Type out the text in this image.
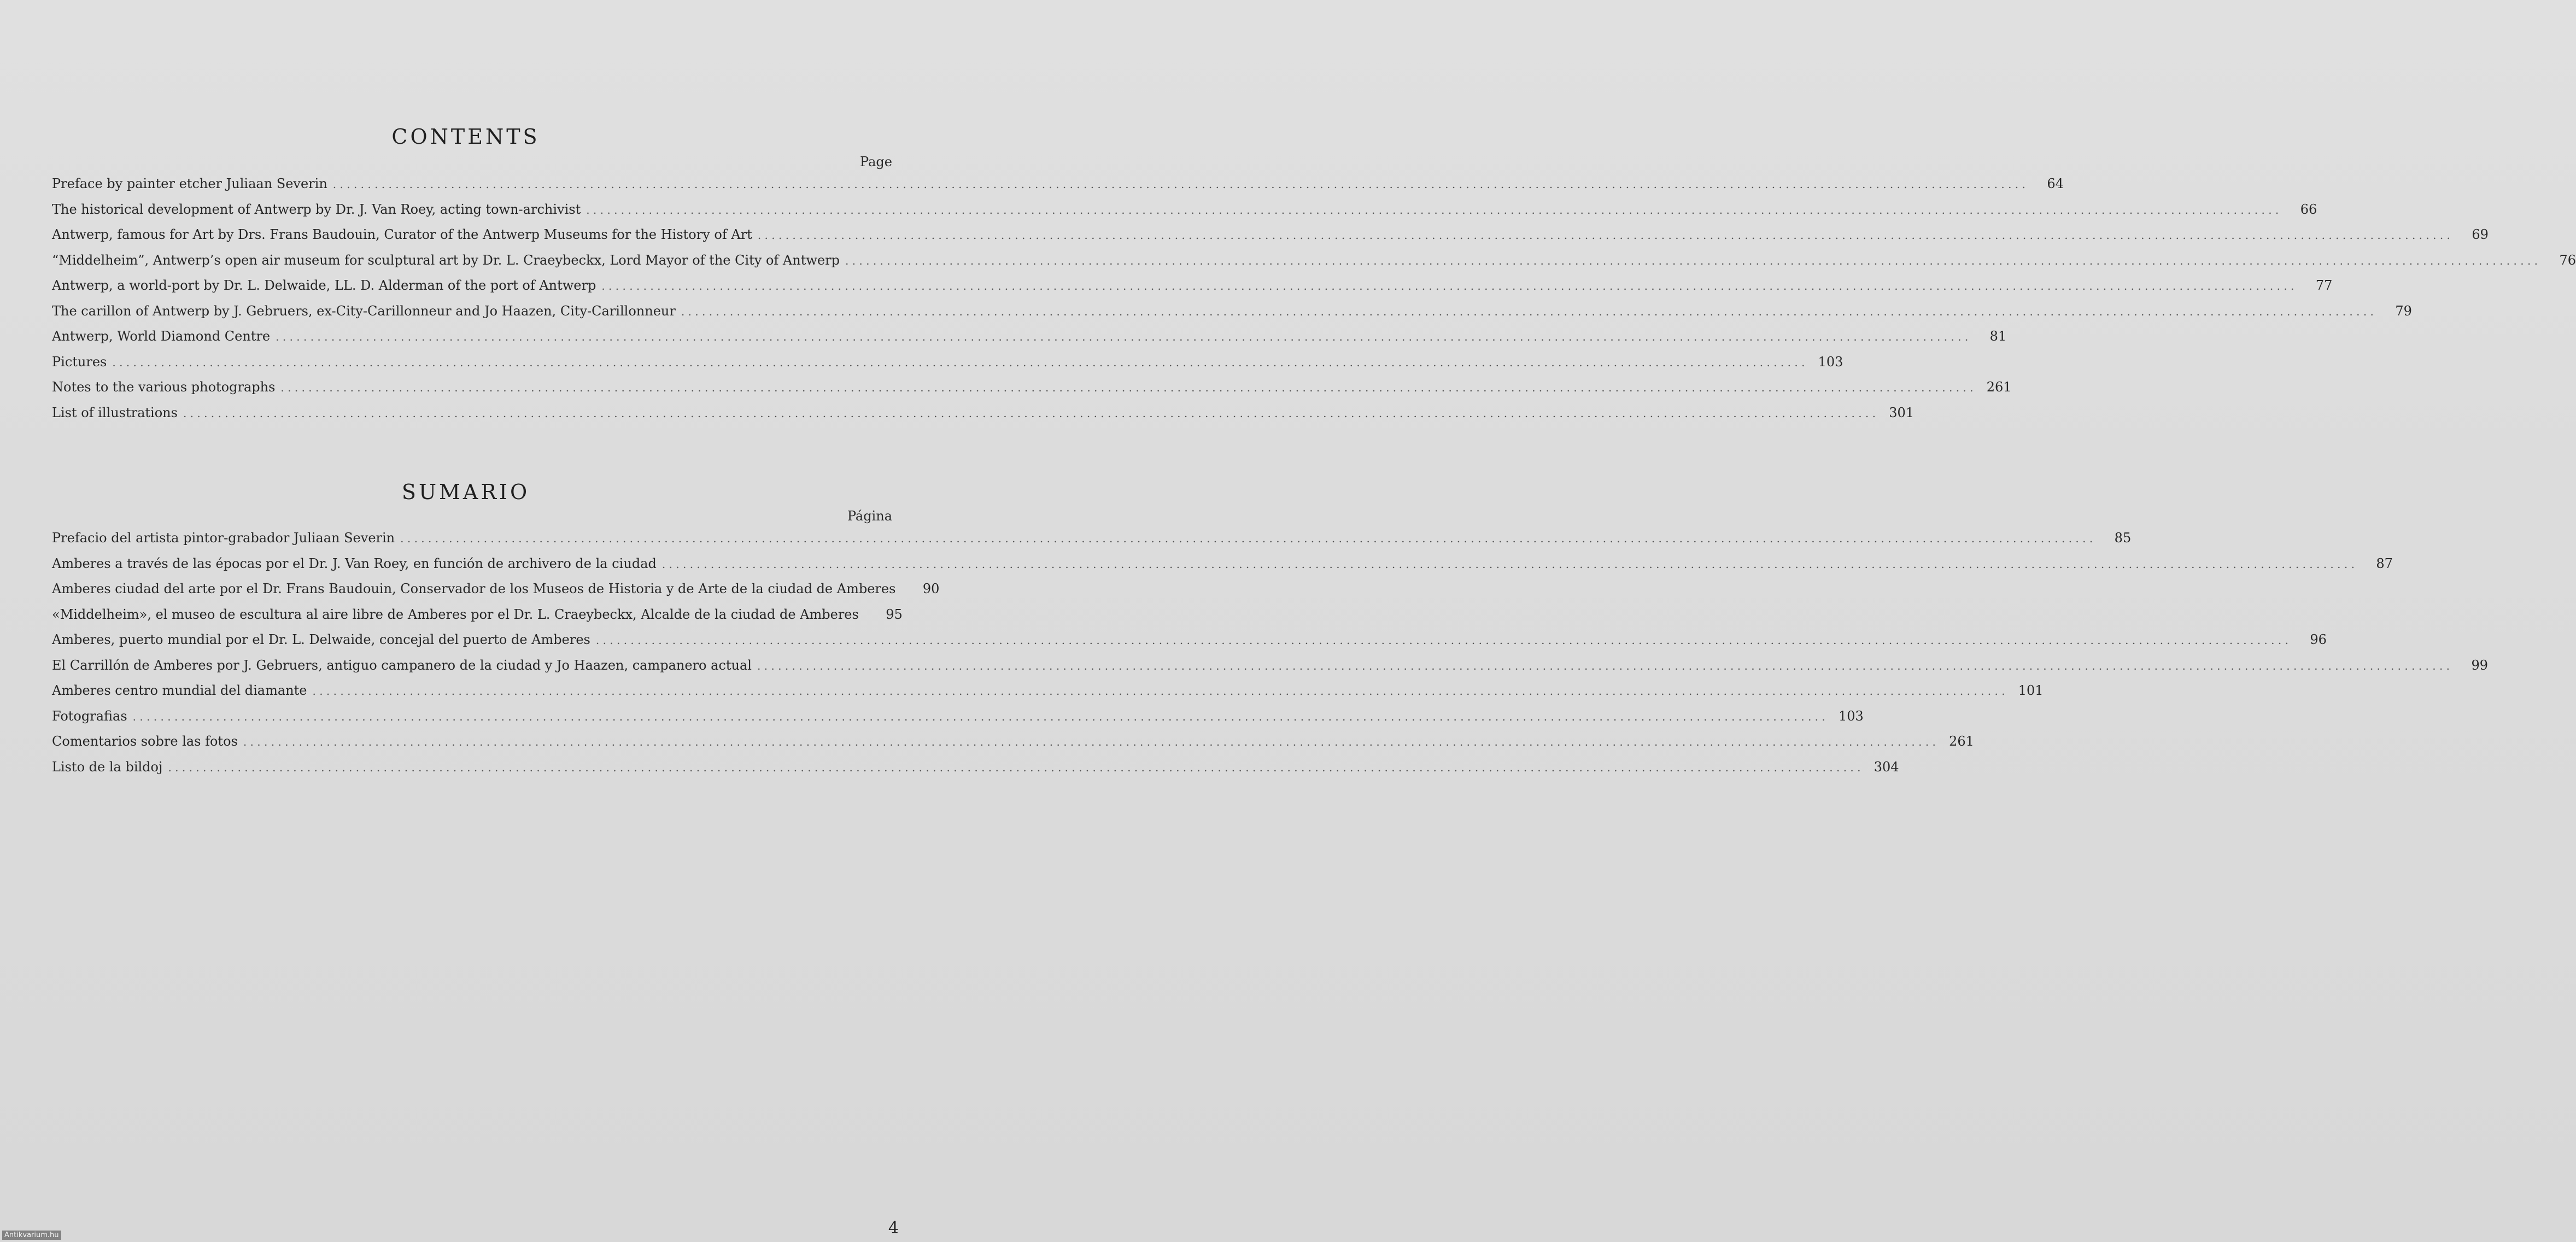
CONTENTS
Page
Preface by painter etcher Juliaan Severin . . .	64
The historical development of Antwerp by Dr. J. Van Roey, acting town-archivist . . .	66
Antwerp, famous for Art by Drs. Frans Baudouin, Curator of the Antwerp Museums for the History of Art . . .	69
“Middelheim”, Antwerp’s open air museum for sculptural art by Dr. L. Craeybeckx, Lord Mayor of the City of Antwerp . . .	76
Antwerp, a world-port by Dr. L. Delwaide, LL. D. Alderman of the port of Antwerp . . .	77
The carillon of Antwerp by J. Gebruers, ex-City-Carillonneur and Jo Haazen, City-Carillonneur . . .	79
Antwerp, World Diamond Centre . . .	81
Pictures . . .	103
Notes to the various photographs . . .	261
List of illustrations . . .	301
SUMARIO
Página
Prefacio del artista pintor-grabador Juliaan Severin . . .	85
Amberes a través de las épocas por el Dr. J. Van Roey, en función de archivero de la ciudad . . .	87
Amberes ciudad del arte por el Dr. Frans Baudouin, Conservador de los Museos de Historia y de Arte de la ciudad de Amberes	90
«Middelheim», el museo de escultura al aire libre de Amberes por el Dr. L. Craeybeckx, Alcalde de la ciudad de Amberes	95
Amberes, puerto mundial por el Dr. L. Delwaide, concejal del puerto de Amberes . . .	96
El Carrillón de Amberes por J. Gebruers, antiguo campanero de la ciudad y Jo Haazen, campanero actual . . .	99
Amberes centro mundial del diamante . . .	101
Fotografias . . .	103
Comentarios sobre las fotos . . .	261
Listo de la bildoj . . .	304
4
Antikvarium.hu
